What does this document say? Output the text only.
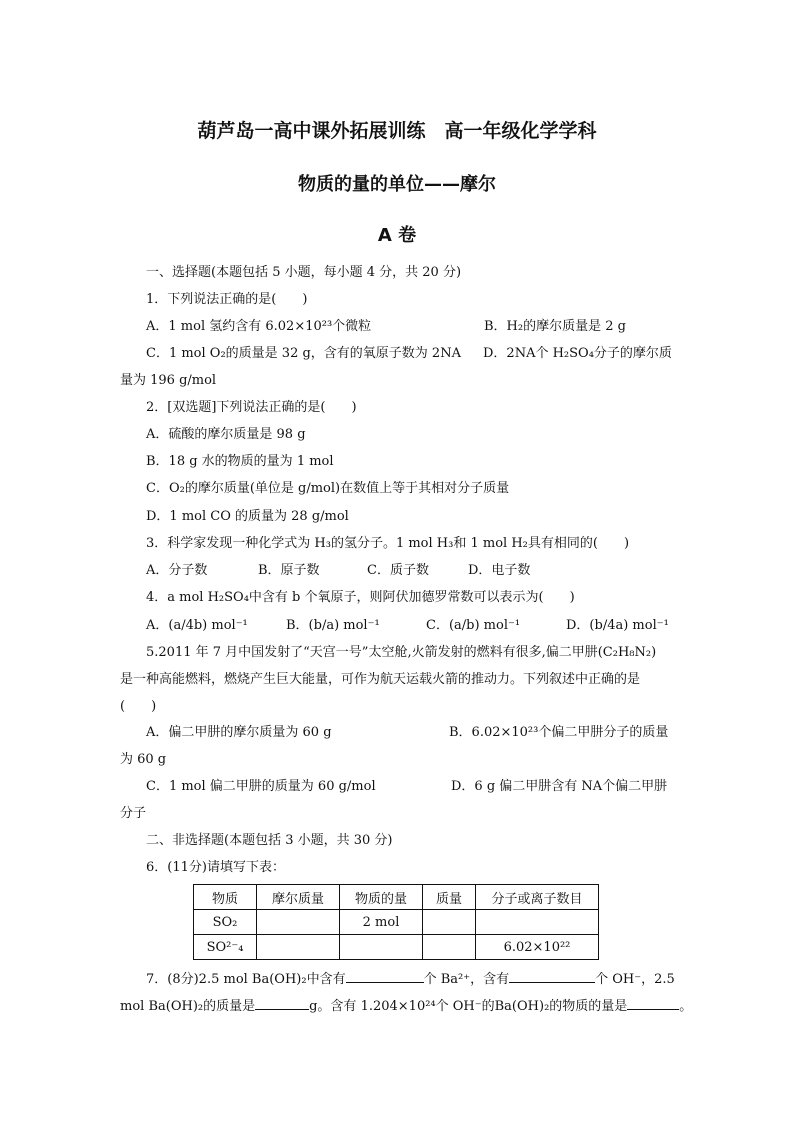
葫芦岛一高中课外拓展训练　高一年级化学学科
物质的量的单位——摩尔
A 卷
一、选择题(本题包括 5 小题，每小题 4 分，共 20 分)
1．下列说法正确的是(　　)
A．1 mol 氢约含有 6.02×10²³个微粒	B．H₂的摩尔质量是 2 g
C．1 mol O₂的质量是 32 g，含有的氧原子数为 2NA D．2NA个 H₂SO₄分子的摩尔质
量为 196 g/mol
2．[双选题]下列说法正确的是(　　)
A．硫酸的摩尔质量是 98 g
B．18 g 水的物质的量为 1 mol
C．O₂的摩尔质量(单位是 g/mol)在数值上等于其相对分子质量
D．1 mol CO 的质量为 28 g/mol
3．科学家发现一种化学式为 H₃的氢分子。1 mol H₃和 1 mol H₂具有相同的(　　)
A．分子数	B．原子数	C．质子数	D．电子数
4．a mol H₂SO₄中含有 b 个氧原子，则阿伏加德罗常数可以表示为(　　)
A．(a/4b) mol⁻¹	B．(b/a) mol⁻¹	C．(a/b) mol⁻¹	D．(b/4a) mol⁻¹
5.2011 年 7 月中国发射了“天宫一号”太空舱,火箭发射的燃料有很多,偏二甲肼(C₂H₈N₂)
是一种高能燃料，燃烧产生巨大能量，可作为航天运载火箭的推动力。下列叙述中正确的是
(　　)
A．偏二甲肼的摩尔质量为 60 g	B．6.02×10²³个偏二甲肼分子的质量
为 60 g
C．1 mol 偏二甲肼的质量为 60 g/mol	D．6 g 偏二甲肼含有 NA个偏二甲肼
分子
二、非选择题(本题包括 3 小题，共 30 分)
6．(11分)请填写下表：
物质	摩尔质量	物质的量	质量	分子或离子数目
SO₂		2 mol		
SO²⁻₄				6.02×10²²
7．(8分)2.5 mol Ba(OH)₂中含有	个 Ba²⁺，含有	个 OH⁻，2.5
mol Ba(OH)₂的质量是	g。含有 1.204×10²⁴个 OH⁻的Ba(OH)₂的物质的量是	。
